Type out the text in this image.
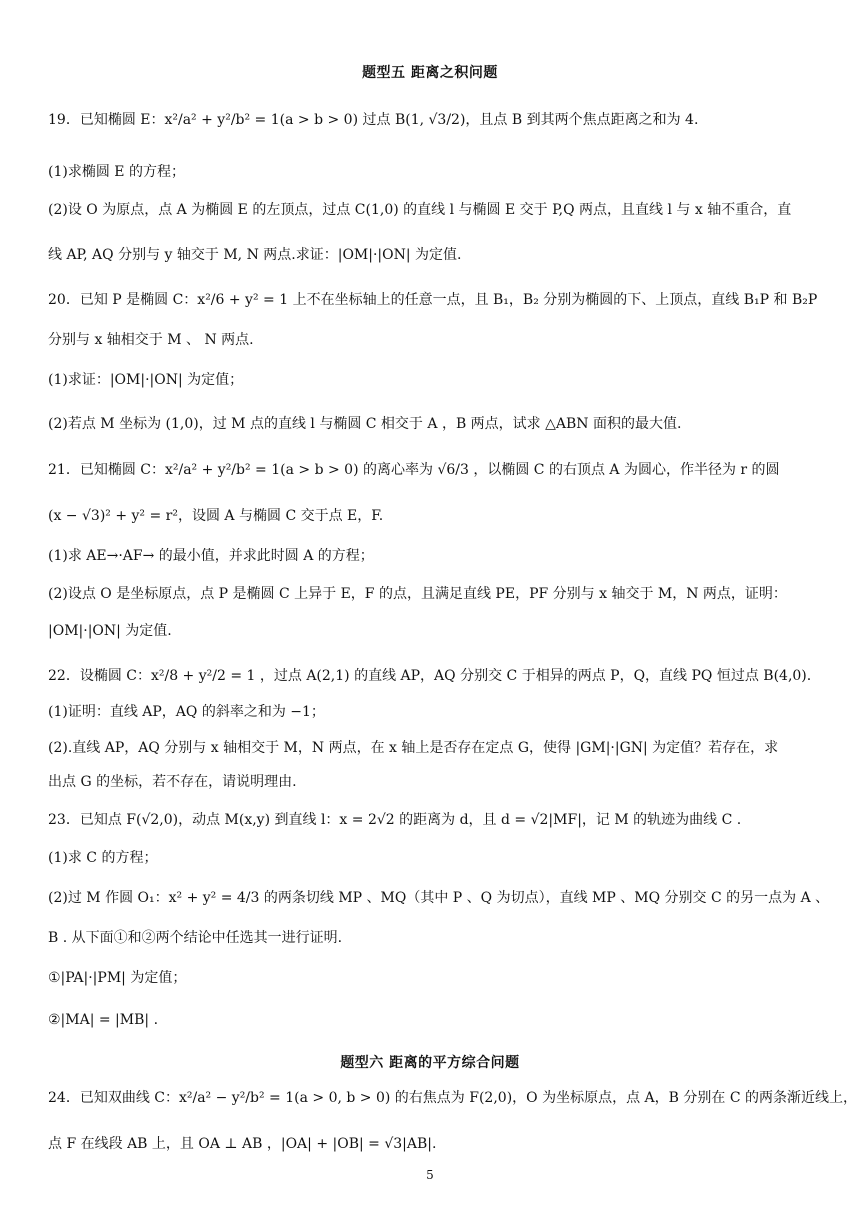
题型五 距离之积问题
19．已知椭圆 E：x²/a² + y²/b² = 1(a > b > 0) 过点 B(1, √3/2)，且点 B 到其两个焦点距离之和为 4.
(1)求椭圆 E 的方程；
(2)设 O 为原点，点 A 为椭圆 E 的左顶点，过点 C(1,0) 的直线 l 与椭圆 E 交于 P,Q 两点，且直线 l 与 x 轴不重合，直
线 AP, AQ 分别与 y 轴交于 M, N 两点.求证：|OM|·|ON| 为定值.
20．已知 P 是椭圆 C：x²/6 + y² = 1 上不在坐标轴上的任意一点，且 B₁，B₂ 分别为椭圆的下、上顶点，直线 B₁P 和 B₂P
分别与 x 轴相交于 M 、 N 两点.
(1)求证：|OM|·|ON| 为定值；
(2)若点 M 坐标为 (1,0)，过 M 点的直线 l 与椭圆 C 相交于 A ，B 两点，试求 △ABN 面积的最大值.
21．已知椭圆 C：x²/a² + y²/b² = 1(a > b > 0) 的离心率为 √6/3 ，以椭圆 C 的右顶点 A 为圆心，作半径为 r 的圆
(x − √3)² + y² = r²，设圆 A 与椭圆 C 交于点 E，F.
(1)求 AE→·AF→ 的最小值，并求此时圆 A 的方程；
(2)设点 O 是坐标原点，点 P 是椭圆 C 上异于 E，F 的点，且满足直线 PE，PF 分别与 x 轴交于 M，N 两点，证明：
|OM|·|ON| 为定值.
22．设椭圆 C：x²/8 + y²/2 = 1 ，过点 A(2,1) 的直线 AP，AQ 分别交 C 于相异的两点 P，Q，直线 PQ 恒过点 B(4,0).
(1)证明：直线 AP，AQ 的斜率之和为 −1；
(2).直线 AP，AQ 分别与 x 轴相交于 M，N 两点，在 x 轴上是否存在定点 G，使得 |GM|·|GN| 为定值？若存在，求
出点 G 的坐标，若不存在，请说明理由.
23．已知点 F(√2,0)，动点 M(x,y) 到直线 l：x = 2√2 的距离为 d，且 d = √2|MF|，记 M 的轨迹为曲线 C .
(1)求 C 的方程；
(2)过 M 作圆 O₁：x² + y² = 4/3 的两条切线 MP 、MQ（其中 P 、Q 为切点），直线 MP 、MQ 分别交 C 的另一点为 A 、
B . 从下面①和②两个结论中任选其一进行证明.
①|PA|·|PM| 为定值；
②|MA| = |MB| .
题型六 距离的平方综合问题
24．已知双曲线 C：x²/a² − y²/b² = 1(a > 0, b > 0) 的右焦点为 F(2,0)，O 为坐标原点，点 A，B 分别在 C 的两条渐近线上，
点 F 在线段 AB 上，且 OA ⊥ AB ，|OA| + |OB| = √3|AB|.
5
